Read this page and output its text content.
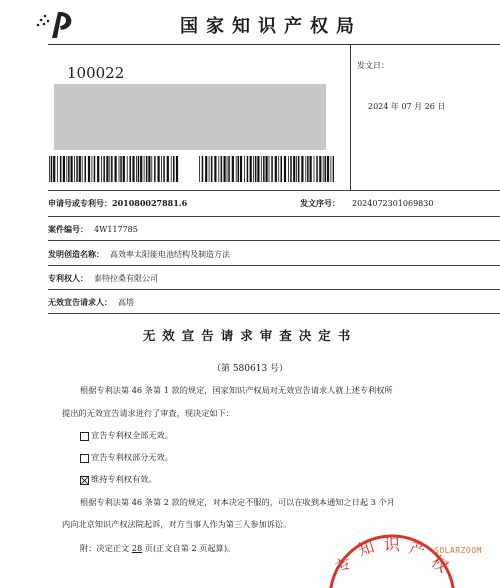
国家知识产权局
100022	发文日：
2024 年 07 月 26 日
申请号或专利号：201080027881.6	发文序号： 2024072301069830
案件编号： 4W117785
发明创造名称： 高效率太阳能电池结构及制造方法
专利权人： 泰特拉桑有限公司
无效宣告请求人： 高塔
无效宣告请求审查决定书
（第 580613 号）
根据专利法第 46 条第 1 款的规定，国家知识产权局对无效宣告请求人就上述专利权所
提出的无效宣告请求进行了审查，现决定如下：
宣告专利权全部无效。
宣告专利权部分无效。
维持专利权有效。
根据专利法第 46 条第 2 款的规定，对本决定不服的，可以在收到本通知之日起 3 个月
内向北京知识产权法院起诉，对方当事人作为第三人参加诉讼。
附：决定正文 28 页(正文自第 2 页起算)。
专
知 识 产
权
SOLARZOOM
